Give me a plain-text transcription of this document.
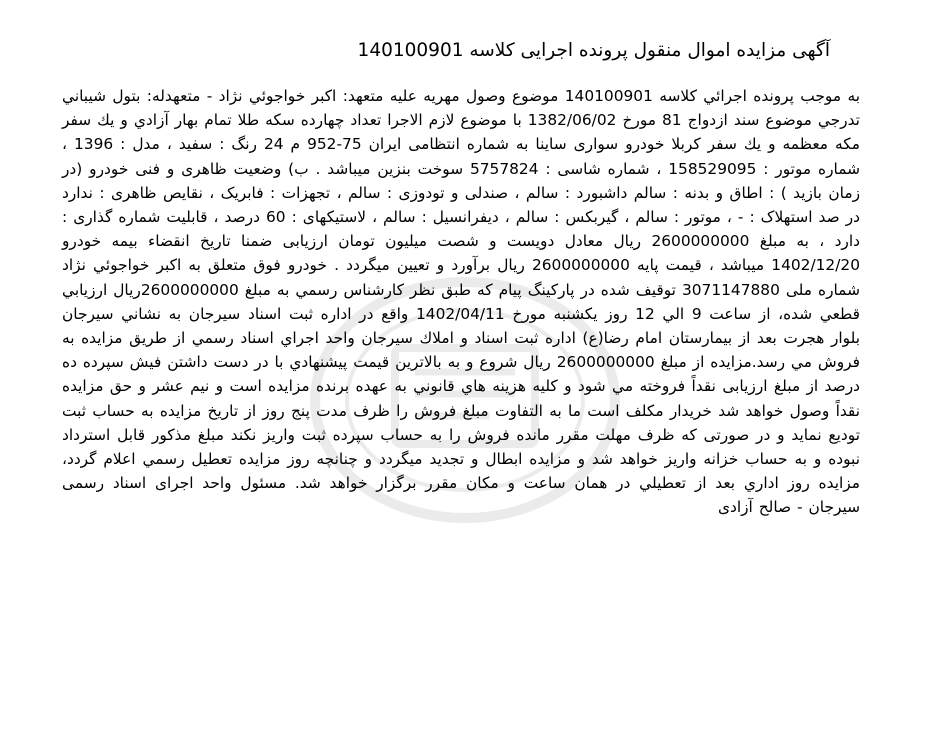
آگهی مزایده اموال منقول پرونده اجرایی کلاسه 140100901
به موجب پرونده اجرائي كلاسه 140100901 موضوع وصول مهريه عليه متعهد: اكبر خواجوئي نژاد - متعهدله: بتول شيباني تدرجي موضوع سند ازدواج 81 مورخ 1382/06/02 با موضوع لازم الاجرا تعداد چهارده سكه طلا تمام بهار آزادي و يك سفر مكه معظمه و يك سفر كربلا خودرو سواری ساینا به شماره انتظامی ایران 75-952 م 24 رنگ : سفید ، مدل : 1396 ، شماره موتور : 158529095 ، شماره شاسی : 5757824 سوخت بنزین میباشد . ب) وضعیت ظاهری و فنی خودرو (در زمان بازید ) : اطاق و بدنه : سالم داشبورد : سالم ، صندلی و تودوزی : سالم ، تجهزات : فابریک ، نقایص ظاهری : ندارد در صد استهلاک : - ، موتور : سالم ، گیربکس : سالم ، دیفرانسیل : سالم ، لاستیکهای : 60 درصد ، قابلیت شماره گذاری : دارد ، به مبلغ 2600000000 ریال معادل دویست و شصت میلیون تومان ارزیابی ضمنا تاریخ انقضاء بیمه خودرو 1402/12/20 میباشد ، قیمت پایه 2600000000 ریال برآورد و تعیین میگردد . خودرو فوق متعلق به اكبر خواجوئي نژاد شماره ملی 3071147880 توقیف شده در پارکینگ پیام که طبق نظر كارشناس رسمي به مبلغ 2600000000ريال ارزيابي قطعي شده، از ساعت 9 الي 12 روز يكشنبه مورخ 1402/04/11 واقع در اداره ثبت اسناد سيرجان به نشاني سيرجان بلوار هجرت بعد از بيمارستان امام رضا(ع) اداره ثبت اسناد و املاك سيرجان واحد اجراي اسناد رسمي از طريق مزايده به فروش مي رسد.مزايده از مبلغ 2600000000 ريال شروع و به بالاترين قيمت پيشنهادي با در دست داشتن فيش سپرده ده درصد از مبلغ ارزيابی نقداً فروخته مي شود و كليه هزينه هاي قانوني به عهده برنده مزايده است و نيم عشر و حق مزايده نقداً وصول خواهد شد خريدار مكلف است ما به التفاوت مبلغ فروش را ظرف مدت پنج روز از تاريخ مزايده به حساب ثبت توديع نمايد و در صورتی كه ظرف مهلت مقرر مانده فروش را به حساب سپرده ثبت واريز نكند مبلغ مذكور قابل استرداد نبوده و به حساب خزانه واريز خواهد شد و مزايده ابطال و تجديد ميگردد و چنانچه روز مزايده تعطيل رسمي اعلام گردد، مزايده روز اداري بعد از تعطيلي در همان ساعت و مكان مقرر برگزار خواهد شد. مسئول واحد اجرای اسناد رسمی سیرجان - صالح آزادی
